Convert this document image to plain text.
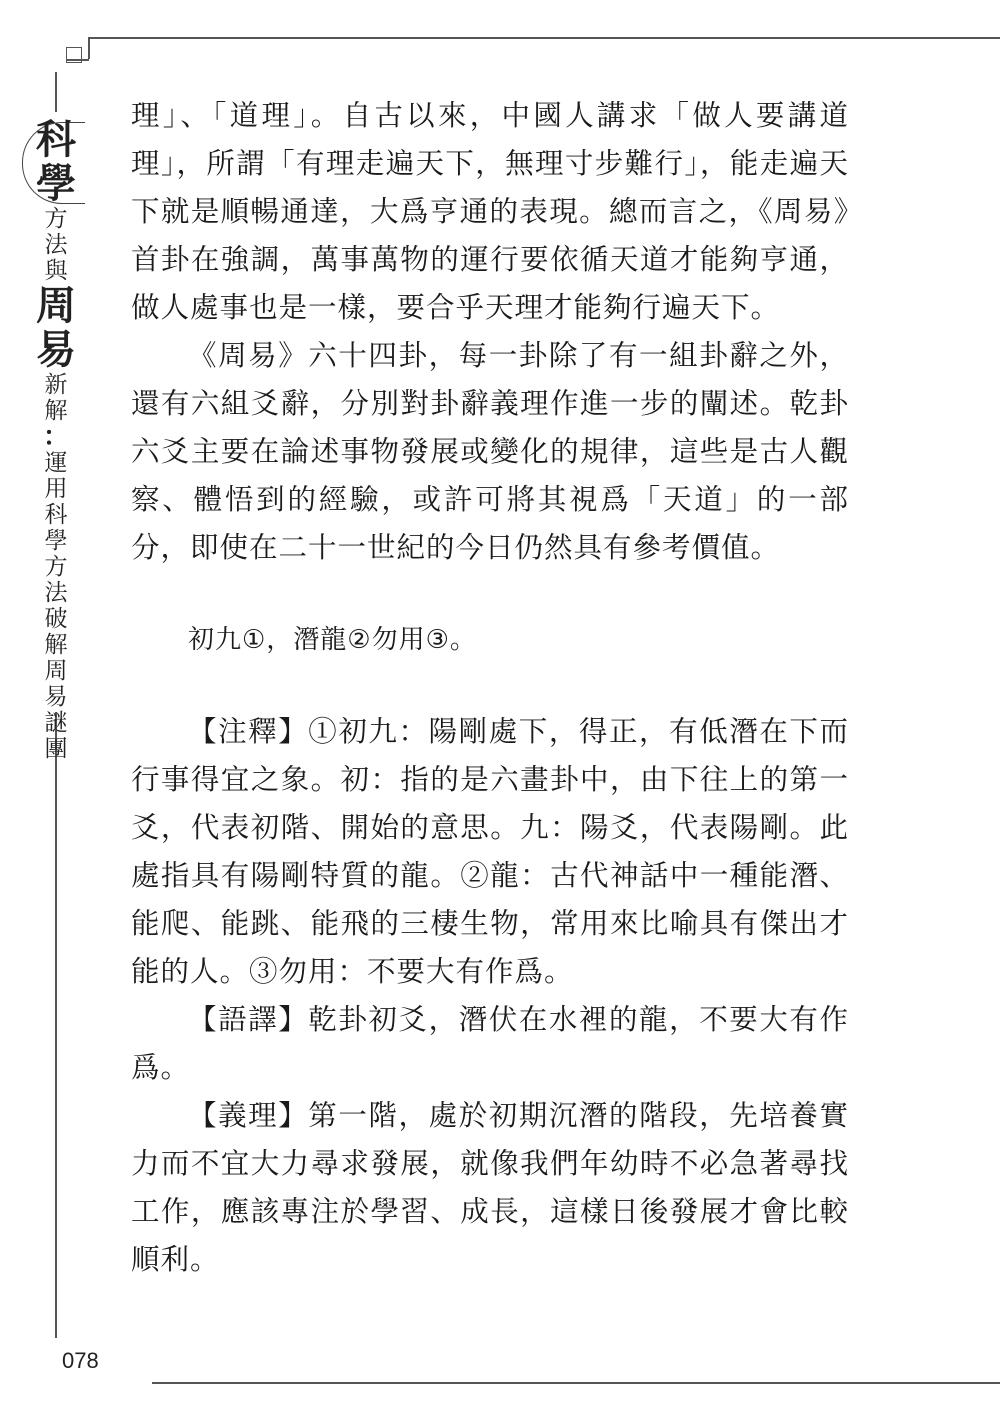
科
學
方
法
與
周
易
新
解
：
運
用
科
學
方
法
破
解
周
易
謎
團

理」、「道理」。自古以來，中國人講求「做人要講道理」，所謂「有理走遍天下，無理寸步難行」，能走遍天下就是順暢通達，大爲亨通的表現。總而言之，《周易》首卦在強調，萬事萬物的運行要依循天道才能夠亨通，做人處事也是一樣，要合乎天理才能夠行遍天下。

《周易》六十四卦，每一卦除了有一組卦辭之外，還有六組爻辭，分別對卦辭義理作進一步的闡述。乾卦六爻主要在論述事物發展或變化的規律，這些是古人觀察、體悟到的經驗，或許可將其視爲「天道」的一部分，即使在二十一世紀的今日仍然具有參考價值。

初九①，潛龍②勿用③。

【注釋】①初九：陽剛處下，得正，有低潛在下而行事得宜之象。初：指的是六畫卦中，由下往上的第一爻，代表初階、開始的意思。九：陽爻，代表陽剛。此處指具有陽剛特質的龍。②龍：古代神話中一種能潛、能爬、能跳、能飛的三棲生物，常用來比喻具有傑出才能的人。③勿用：不要大有作爲。

【語譯】乾卦初爻，潛伏在水裡的龍，不要大有作爲。

【義理】第一階，處於初期沉潛的階段，先培養實力而不宜大力尋求發展，就像我們年幼時不必急著尋找工作，應該專注於學習、成長，這樣日後發展才會比較順利。

078
